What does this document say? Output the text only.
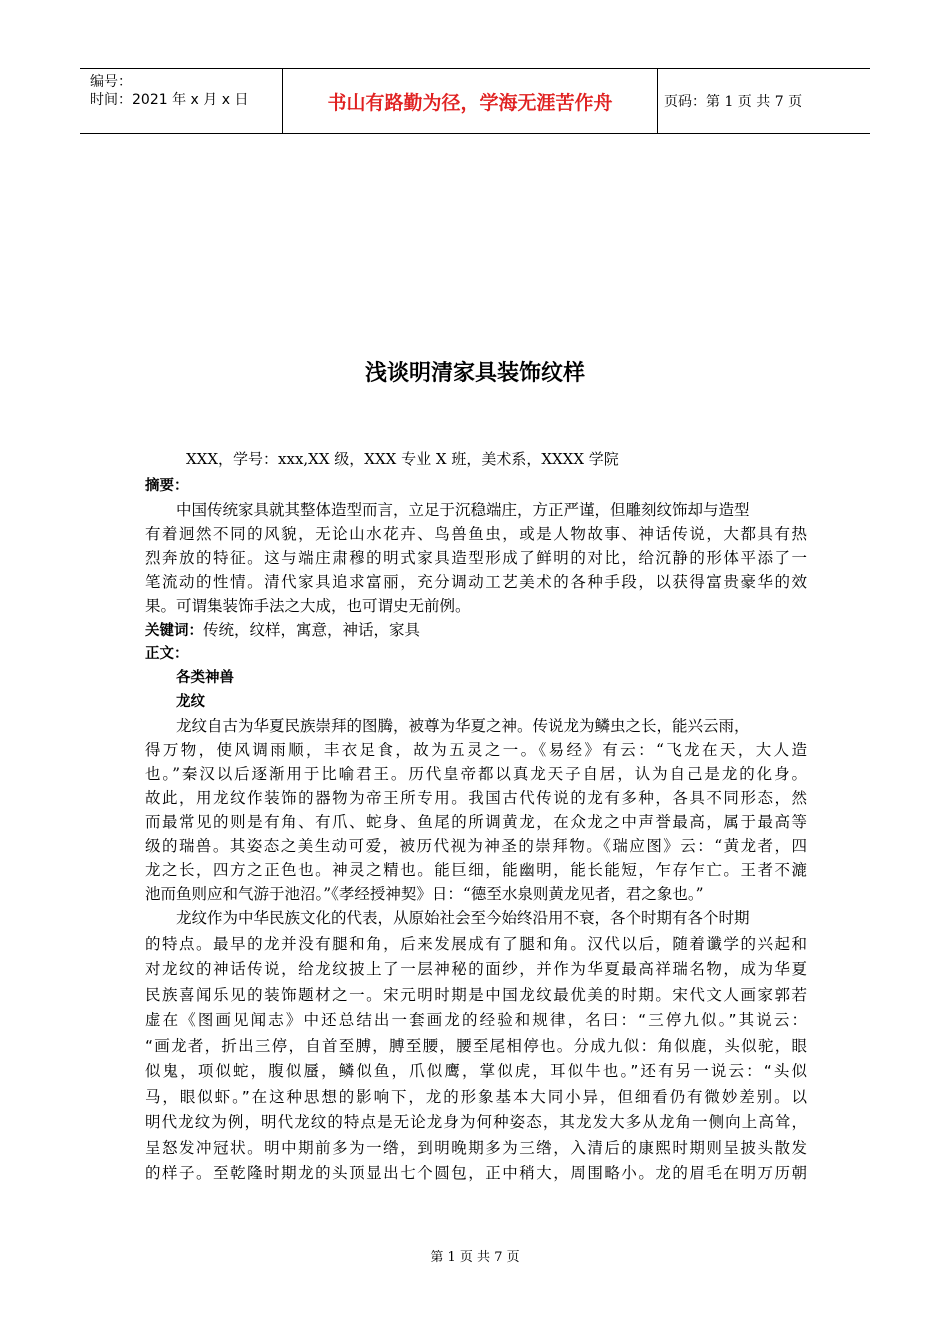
编号：
时间：2021 年 x 月 x 日	书山有路勤为径，学海无涯苦作舟	页码：第 1 页 共 7 页
浅谈明清家具装饰纹样
XXX，学号：xxx,XX 级，XXX 专业 X 班，美术系，XXXX 学院
摘要：
中国传统家具就其整体造型而言，立足于沉稳端庄，方正严谨，但雕刻纹饰却与造型
有着迥然不同的风貌，无论山水花卉、鸟兽鱼虫，或是人物故事、神话传说，大都具有热
烈奔放的特征。这与端庄肃穆的明式家具造型形成了鲜明的对比，给沉静的形体平添了一
笔流动的性情。清代家具追求富丽，充分调动工艺美术的各种手段，以获得富贵豪华的效
果。可谓集装饰手法之大成，也可谓史无前例。
关键词：传统，纹样，寓意，神话，家具
正文：
各类神兽
龙纹
龙纹自古为华夏民族崇拜的图腾，被尊为华夏之神。传说龙为鳞虫之长，能兴云雨，
得万物，使风调雨顺，丰衣足食，故为五灵之一。《易经》有云：“飞龙在天，大人造
也。”秦汉以后逐渐用于比喻君王。历代皇帝都以真龙天子自居，认为自己是龙的化身。
故此，用龙纹作装饰的器物为帝王所专用。我国古代传说的龙有多种，各具不同形态，然
而最常见的则是有角、有爪、蛇身、鱼尾的所调黄龙，在众龙之中声誉最高，属于最高等
级的瑞兽。其姿态之美生动可爱，被历代视为神圣的崇拜物。《瑞应图》云：“黄龙者，四
龙之长，四方之正色也。神灵之精也。能巨细，能幽明，能长能短，乍存乍亡。王者不漉
池而鱼则应和气游于池沼。”《孝经授神契》日：“德至水泉则黄龙见者，君之象也。”
龙纹作为中华民族文化的代表，从原始社会至今始终沿用不衰，各个时期有各个时期
的特点。最早的龙并没有腿和角，后来发展成有了腿和角。汉代以后，随着谶学的兴起和
对龙纹的神话传说，给龙纹披上了一层神秘的面纱，并作为华夏最高祥瑞名物，成为华夏
民族喜闻乐见的装饰题材之一。宋元明时期是中国龙纹最优美的时期。宋代文人画家郭若
虚在《图画见闻志》中还总结出一套画龙的经验和规律，名曰：“三停九似。”其说云：
“画龙者，折出三停，自首至膊，膊至腰，腰至尾相停也。分成九似：角似鹿，头似驼，眼
似鬼，项似蛇，腹似蜃，鳞似鱼，爪似鹰，掌似虎，耳似牛也。”还有另一说云：“头似
马，眼似虾。”在这种思想的影响下，龙的形象基本大同小异，但细看仍有微妙差别。以
明代龙纹为例，明代龙纹的特点是无论龙身为何种姿态，其龙发大多从龙角一侧向上高耸，
呈怒发冲冠状。明中期前多为一绺，到明晚期多为三绺，入清后的康熙时期则呈披头散发
的样子。至乾隆时期龙的头顶显出七个圆包，正中稍大，周围略小。龙的眉毛在明万历朝
第 1 页 共 7 页
